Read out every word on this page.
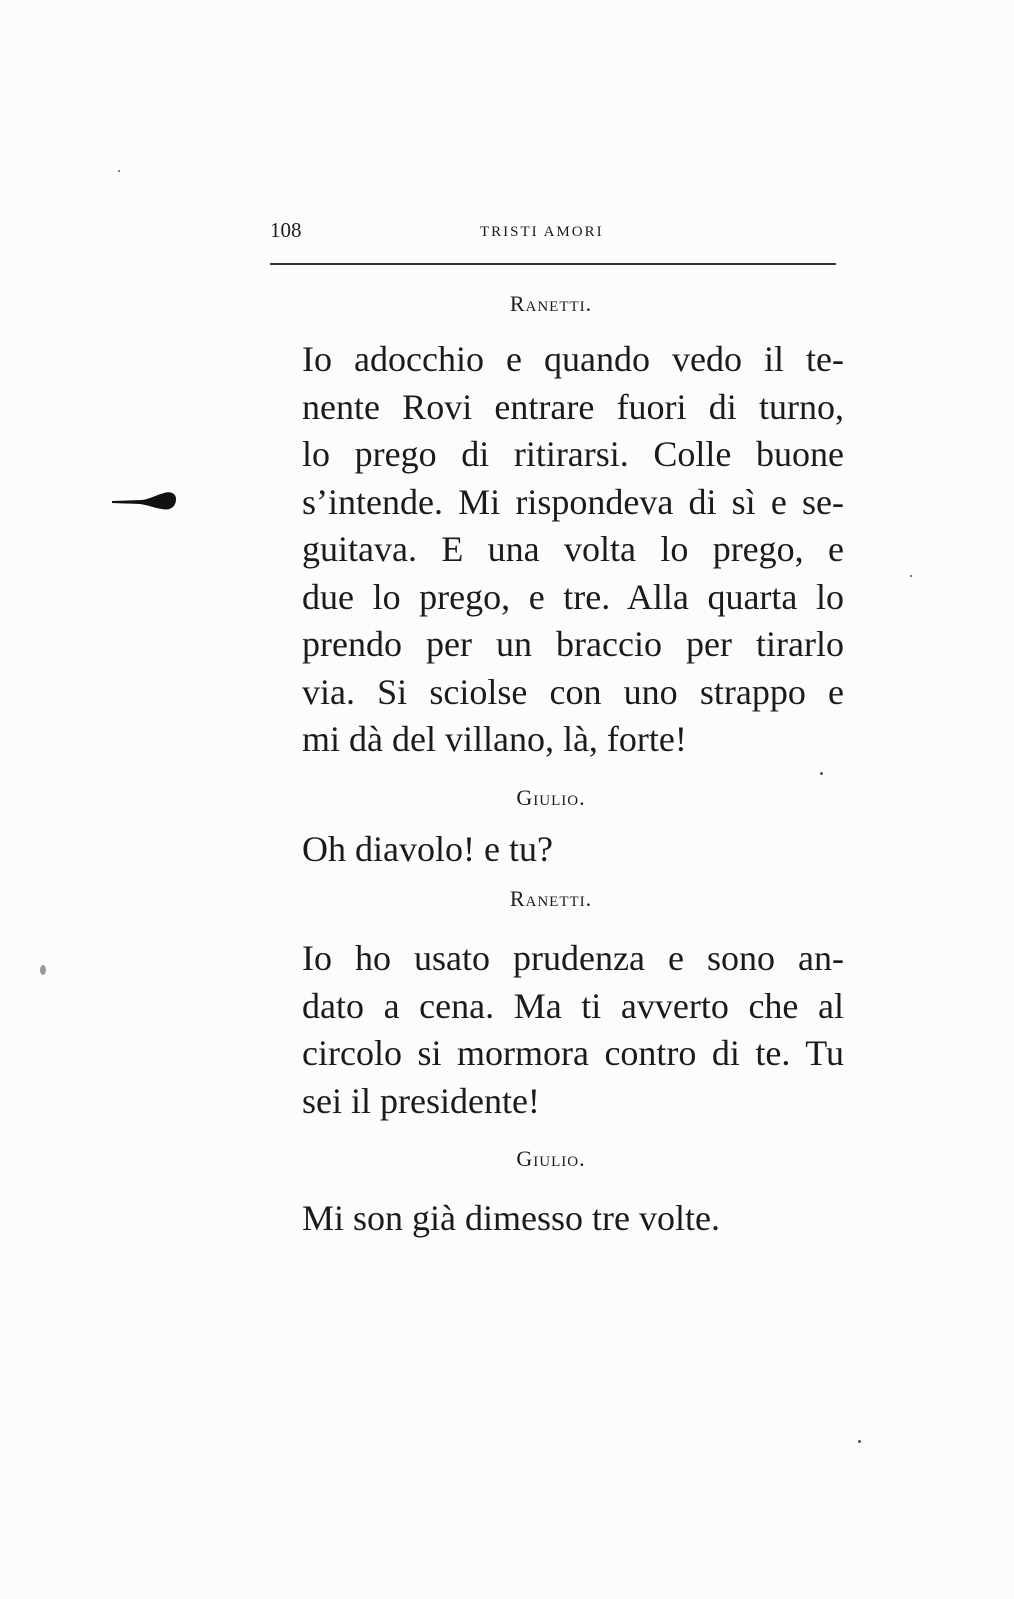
108	TRISTI AMORI

Ranetti.

Io adocchio e quando vedo il te-
nente Rovi entrare fuori di turno,
lo prego di ritirarsi. Colle buone
s’intende. Mi rispondeva di sì e se-
guitava. E una volta lo prego, e
due lo prego, e tre. Alla quarta lo
prendo per un braccio per tirarlo
via. Si sciolse con uno strappo e
mi dà del villano, là, forte!

Giulio.

Oh diavolo! e tu?

Ranetti.

Io ho usato prudenza e sono an-
dato a cena. Ma ti avverto che al
circolo si mormora contro di te. Tu
sei il presidente!

Giulio.

Mi son già dimesso tre volte.
